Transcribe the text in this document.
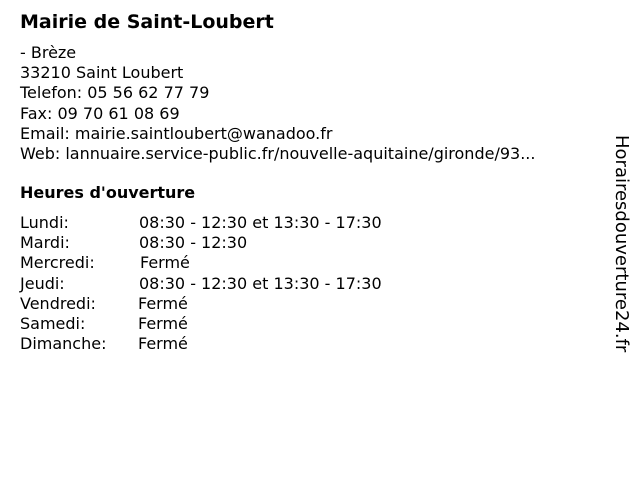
Mairie de Saint-Loubert
- Brèze
33210 Saint Loubert
Telefon: 05 56 62 77 79
Fax: 09 70 61 08 69
Email: mairie.saintloubert@wanadoo.fr
Web: lannuaire.service-public.fr/nouvelle-aquitaine/gironde/93...
Heures d'ouverture
Lundi:	08:30 - 12:30 et 13:30 - 17:30
Mardi:	08:30 - 12:30
Mercredi:	Fermé
Jeudi:	08:30 - 12:30 et 13:30 - 17:30
Vendredi:	Fermé
Samedi:	Fermé
Dimanche:	Fermé	Horairesdouverture24.fr
